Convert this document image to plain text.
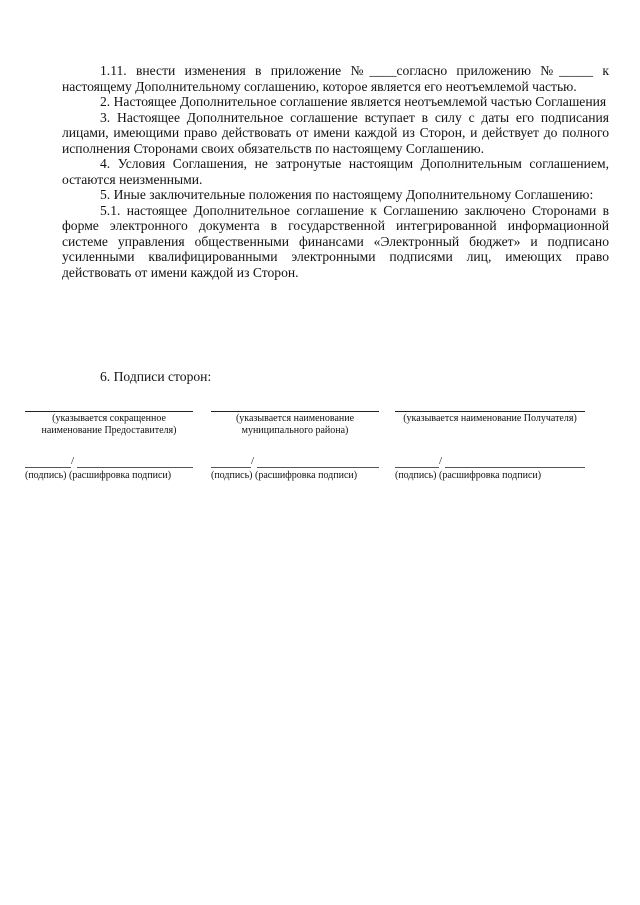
1.11. внести изменения в приложение №____согласно приложению №_____ к настоящему Дополнительному соглашению, которое является его неотъемлемой частью.

2. Настоящее Дополнительное соглашение является неотъемлемой частью Соглашения

3. Настоящее Дополнительное соглашение вступает в силу с даты его подписания лицами, имеющими право действовать от имени каждой из Сторон, и действует до полного исполнения Сторонами своих обязательств по настоящему Соглашению.

4. Условия Соглашения, не затронутые настоящим Дополнительным соглашением, остаются неизменными.

5. Иные заключительные положения по настоящему Дополнительному Соглашению:

5.1. настоящее Дополнительное соглашение к Соглашению заключено Сторонами в форме электронного документа в государственной интегрированной информационной системе управления общественными финансами «Электронный бюджет» и подписано усиленными квалифицированными электронными подписями лиц, имеющих право действовать от имени каждой из Сторон.

6. Подписи сторон:

(указывается сокращенное
наименование Предоставителя)
(указывается наименование
муниципального района)
(указывается наименование Получателя)
/
(подпись) (расшифровка подписи)
/
(подпись) (расшифровка подписи)
/
(подпись) (расшифровка подписи)
